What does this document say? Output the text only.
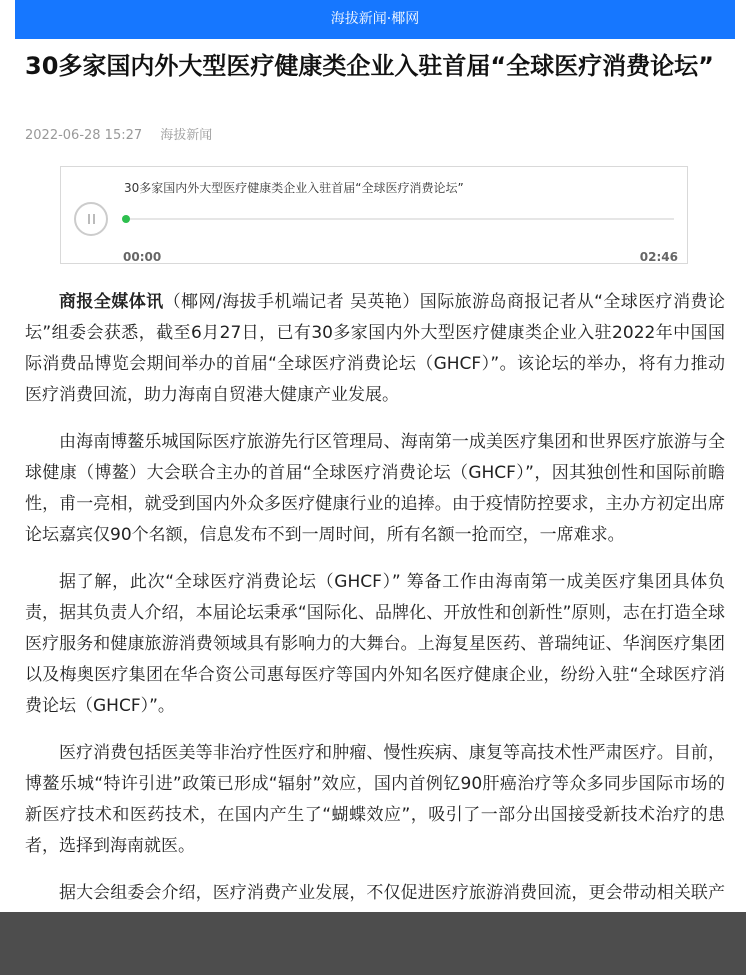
海拔新闻·椰网
30多家国内外大型医疗健康类企业入驻首届“全球医疗消费论坛”
2022-06-28 15:27 海拔新闻
30多家国内外大型医疗健康类企业入驻首届“全球医疗消费论坛”
00:00	02:46

商报全媒体讯（椰网/海拔手机端记者 吴英艳）国际旅游岛商报记者从“全球医疗消费论坛”组委会获悉，截至6月27日，已有30多家国内外大型医疗健康类企业入驻2022年中国国际消费品博览会期间举办的首届“全球医疗消费论坛（GHCF）”。该论坛的举办，将有力推动医疗消费回流，助力海南自贸港大健康产业发展。

由海南博鳌乐城国际医疗旅游先行区管理局、海南第一成美医疗集团和世界医疗旅游与全球健康（博鳌）大会联合主办的首届“全球医疗消费论坛（GHCF）”，因其独创性和国际前瞻性，甫一亮相，就受到国内外众多医疗健康行业的追捧。由于疫情防控要求，主办方初定出席论坛嘉宾仅90个名额，信息发布不到一周时间，所有名额一抢而空，一席难求。

据了解，此次“全球医疗消费论坛（GHCF）” 筹备工作由海南第一成美医疗集团具体负责，据其负责人介绍，本届论坛秉承“国际化、品牌化、开放性和创新性”原则，志在打造全球医疗服务和健康旅游消费领域具有影响力的大舞台。上海复星医药、普瑞纯证、华润医疗集团以及梅奥医疗集团在华合资公司惠每医疗等国内外知名医疗健康企业，纷纷入驻“全球医疗消费论坛（GHCF）”。

医疗消费包括医美等非治疗性医疗和肿瘤、慢性疾病、康复等高技术性严肃医疗。目前，博鳌乐城“特许引进”政策已形成“辐射”效应，国内首例钇90肝癌治疗等众多同步国际市场的新医疗技术和医药技术，在国内产生了“蝴蝶效应”，吸引了一部分出国接受新技术治疗的患者，选择到海南就医。

据大会组委会介绍，医疗消费产业发展，不仅促进医疗旅游消费回流，更会带动相关联产
